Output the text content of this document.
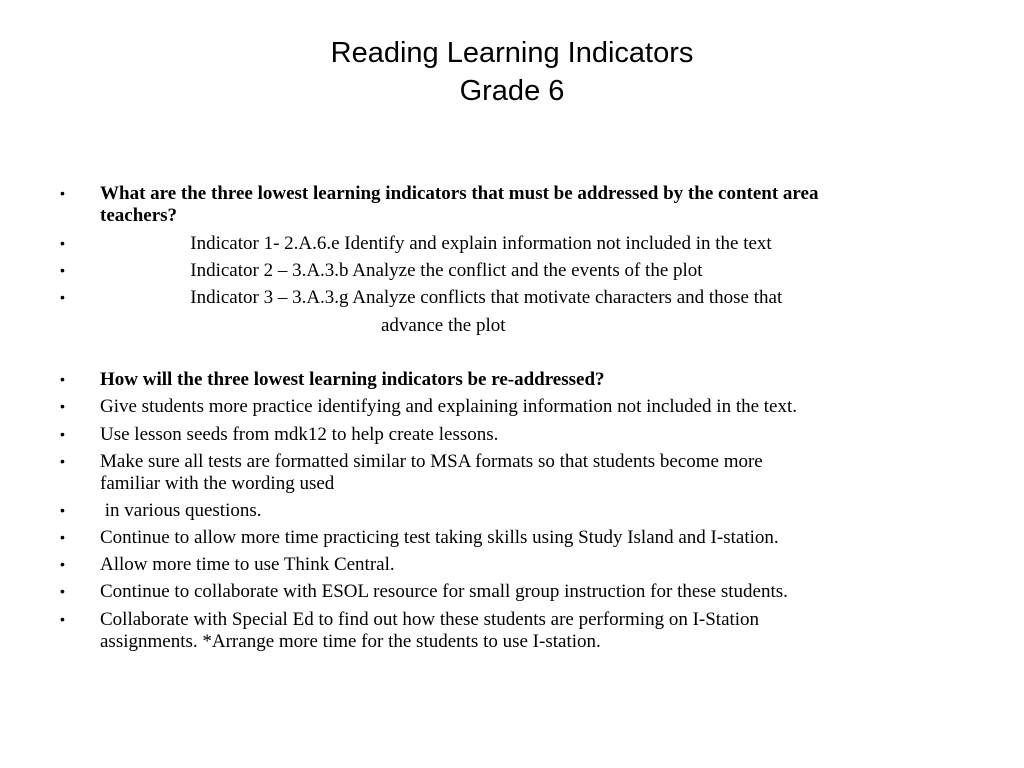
Reading Learning Indicators
Grade 6
• What are the three lowest learning indicators that must be addressed by the content area
teachers?
• Indicator 1- 2.A.6.e Identify and explain information not included in the text
• Indicator 2 – 3.A.3.b Analyze the conflict and the events of the plot
• Indicator 3 – 3.A.3.g Analyze conflicts that motivate characters and those that
advance the plot
• How will the three lowest learning indicators be re-addressed?
• Give students more practice identifying and explaining information not included in the text.
• Use lesson seeds from mdk12 to help create lessons.
• Make sure all tests are formatted similar to MSA formats so that students become more
familiar with the wording used
• in various questions.
• Continue to allow more time practicing test taking skills using Study Island and I-station.
• Allow more time to use Think Central.
• Continue to collaborate with ESOL resource for small group instruction for these students.
• Collaborate with Special Ed to find out how these students are performing on I-Station
assignments. *Arrange more time for the students to use I-station.
